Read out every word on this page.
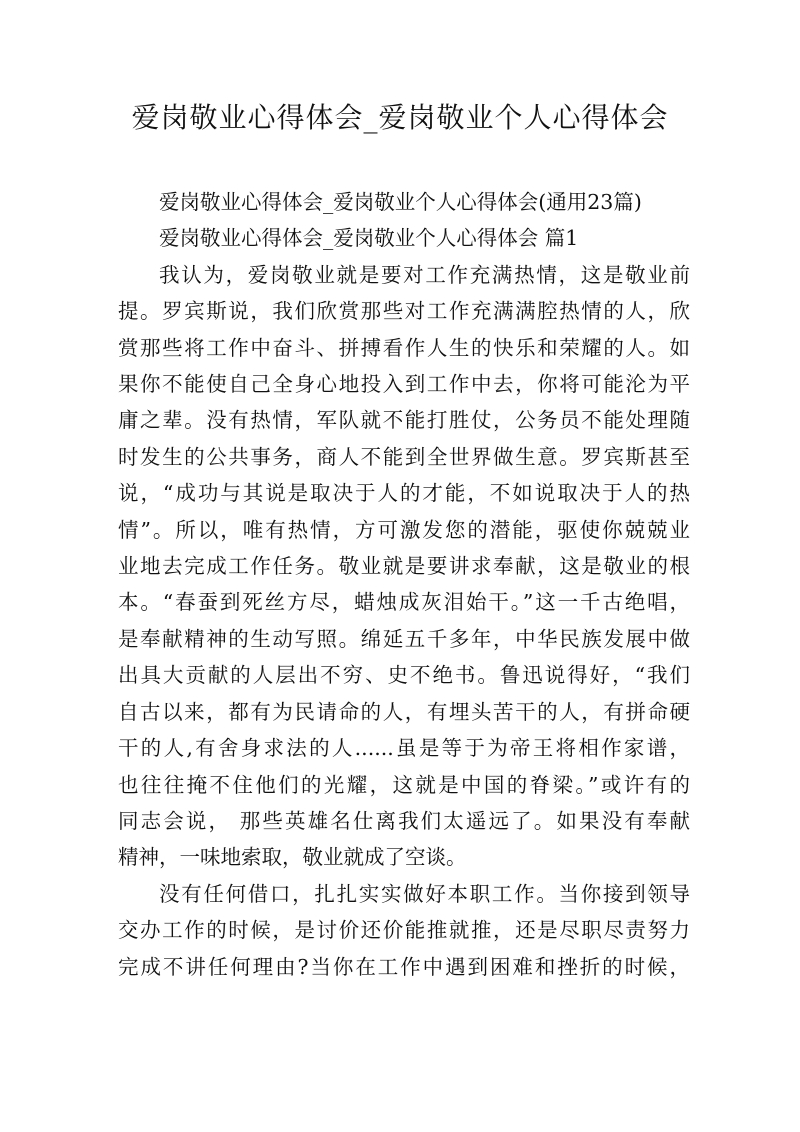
爱岗敬业心得体会_爱岗敬业个人心得体会

爱岗敬业心得体会_爱岗敬业个人心得体会(通用23篇)

爱岗敬业心得体会_爱岗敬业个人心得体会 篇1

我认为，爱岗敬业就是要对工作充满热情，这是敬业前
提。罗宾斯说，我们欣赏那些对工作充满满腔热情的人，欣
赏那些将工作中奋斗、拼搏看作人生的快乐和荣耀的人。如
果你不能使自己全身心地投入到工作中去，你将可能沦为平
庸之辈。没有热情，军队就不能打胜仗，公务员不能处理随
时发生的公共事务，商人不能到全世界做生意。罗宾斯甚至
说，“成功与其说是取决于人的才能，不如说取决于人的热
情”。所以，唯有热情，方可激发您的潜能，驱使你兢兢业
业地去完成工作任务。敬业就是要讲求奉献，这是敬业的根
本。“春蚕到死丝方尽，蜡烛成灰泪始干。”这一千古绝唱，
是奉献精神的生动写照。绵延五千多年，中华民族发展中做
出具大贡献的人层出不穷、史不绝书。鲁迅说得好，“我们
自古以来，都有为民请命的人，有埋头苦干的人，有拼命硬
干的人,有舍身求法的人......虽是等于为帝王将相作家谱，
也往往掩不住他们的光耀，这就是中国的脊梁。”或许有的
同志会说， 那些英雄名仕离我们太遥远了。如果没有奉献
精神，一味地索取，敬业就成了空谈。
没有任何借口，扎扎实实做好本职工作。当你接到领导
交办工作的时候，是讨价还价能推就推，还是尽职尽责努力
完成不讲任何理由?当你在工作中遇到困难和挫折的时候，
